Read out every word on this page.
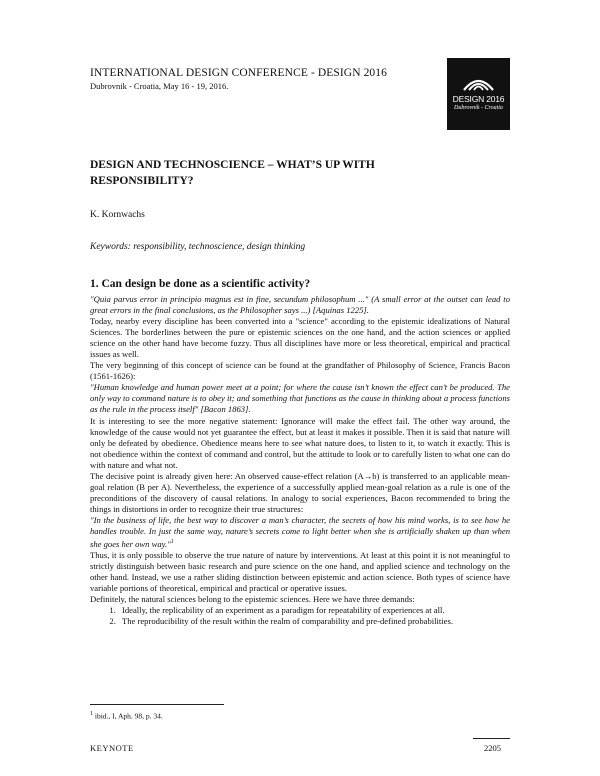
INTERNATIONAL DESIGN CONFERENCE - DESIGN 2016
Dubrovnik - Croatia, May 16 - 19, 2016.
DESIGN 2016
Dubrovnik - Croatia
DESIGN AND TECHNOSCIENCE – WHAT’S UP WITH RESPONSIBILITY?
K. Kornwachs
Keywords: responsibility, technoscience, design thinking
1. Can design be done as a scientific activity?

"Quia parvus error in principio magnus est in fine, secundum philosophum ..." (A small error at the outset can lead to great errors in the final conclusions, as the Philosopher says ...) [Aquinas 1225].

Today, nearby every discipline has been converted into a "science" according to the epistemic idealizations of Natural Sciences. The borderlines between the pure or epistemic sciences on the one hand, and the action sciences or applied science on the other hand have become fuzzy. Thus all disciplines have more or less theoretical, empirical and practical issues as well.

The very beginning of this concept of science can be found at the grandfather of Philosophy of Science, Francis Bacon (1561-1626):

"Human knowledge and human power meet at a point; for where the cause isn’t known the effect can’t be produced. The only way to command nature is to obey it; and something that functions as the cause in thinking about a process functions as the rule in the process itself" [Bacon 1863].

It is interesting to see the more negative statement: Ignorance will make the effect fail. The other way around, the knowledge of the cause would not yet guarantee the effect, but at least it makes it possible. Then it is said that nature will only be defeated by obedience. Obedience means here to see what nature does, to listen to it, to watch it exactly. This is not obedience within the context of command and control, but the attitude to look or to carefully listen to what one can do with nature and what not.

The decisive point is already given here: An observed cause-effect relation (A→b) is transferred to an applicable mean-goal relation (B per A). Nevertheless, the experience of a successfully applied mean-goal relation as a rule is one of the preconditions of the discovery of causal relations. In analogy to social experiences, Bacon recommended to bring the things in distortions in order to recognize their true structures:

"In the business of life, the best way to discover a man’s character, the secrets of how his mind works, is to see how he handles trouble. In just the same way, nature’s secrets come to light better when she is artificially shaken up than when she goes her own way."$^1$

Thus, it is only possible to observe the true nature of nature by interventions. At least at this point it is not meaningful to strictly distinguish between basic research and pure science on the one hand, and applied science and technology on the other hand. Instead, we use a rather sliding distinction between epistemic and action science. Both types of science have variable portions of theoretical, empirical and practical or operative issues.

Definitely, the natural sciences belong to the epistemic sciences. Here we have three demands:

1. Ideally, the replicability of an experiment as a paradigm for repeatability of experiences at all.
2. The reproducibility of the result within the realm of comparability and pre-defined probabilities.
$^1$ ibid., I, Aph. 98, p. 34.
KEYNOTE	2205
